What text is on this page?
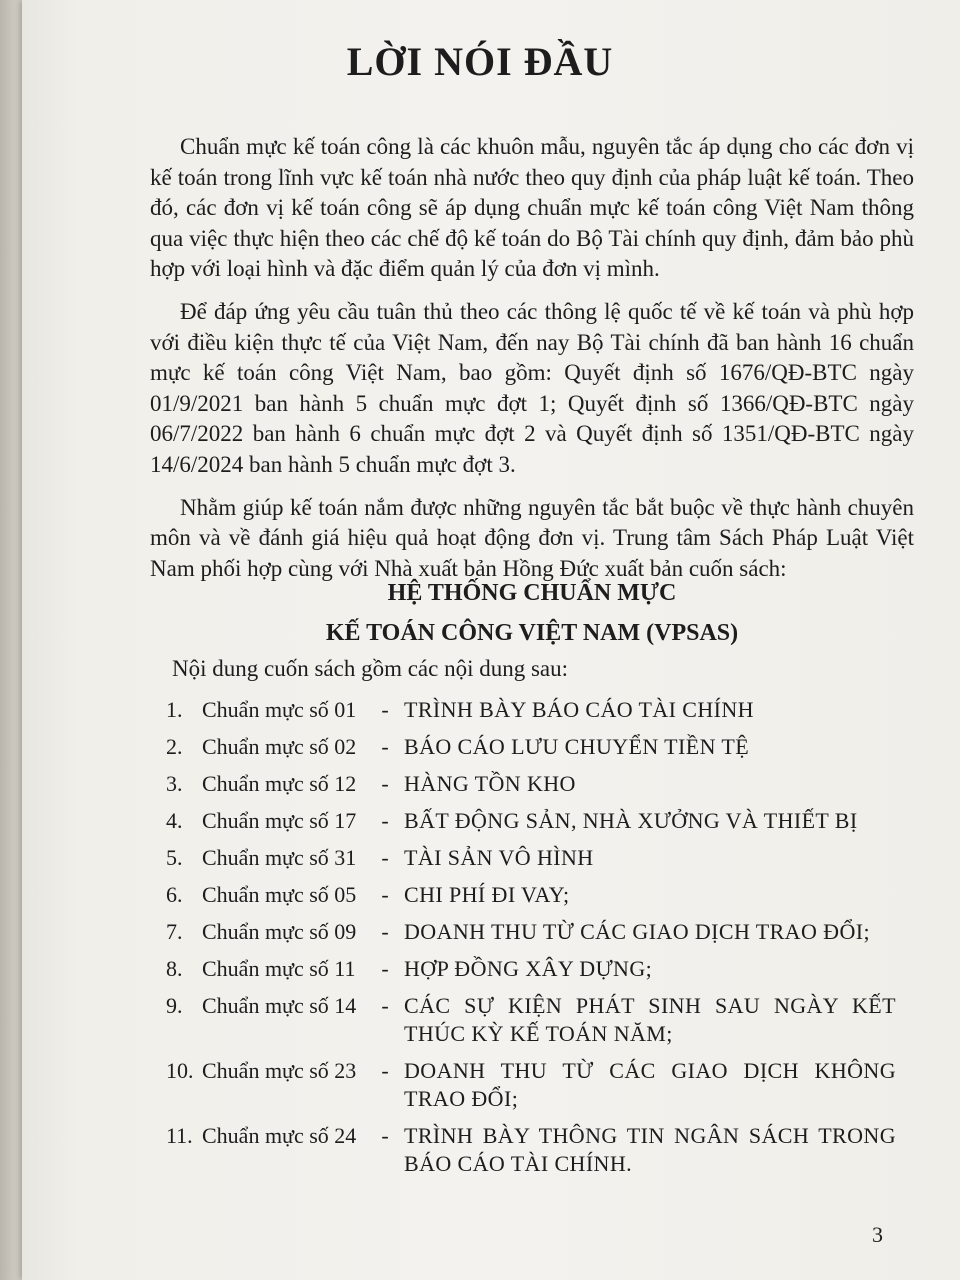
LỜI NÓI ĐẦU

Chuẩn mực kế toán công là các khuôn mẫu, nguyên tắc áp dụng cho các đơn vị kế toán trong lĩnh vực kế toán nhà nước theo quy định của pháp luật kế toán. Theo đó, các đơn vị kế toán công sẽ áp dụng chuẩn mực kế toán công Việt Nam thông qua việc thực hiện theo các chế độ kế toán do Bộ Tài chính quy định, đảm bảo phù hợp với loại hình và đặc điểm quản lý của đơn vị mình.

Để đáp ứng yêu cầu tuân thủ theo các thông lệ quốc tế về kế toán và phù hợp với điều kiện thực tế của Việt Nam, đến nay Bộ Tài chính đã ban hành 16 chuẩn mực kế toán công Việt Nam, bao gồm: Quyết định số 1676/QĐ-BTC ngày 01/9/2021 ban hành 5 chuẩn mực đợt 1; Quyết định số 1366/QĐ-BTC ngày 06/7/2022 ban hành 6 chuẩn mực đợt 2 và Quyết định số 1351/QĐ-BTC ngày 14/6/2024 ban hành 5 chuẩn mực đợt 3.

Nhằm giúp kế toán nắm được những nguyên tắc bắt buộc về thực hành chuyên môn và về đánh giá hiệu quả hoạt động đơn vị. Trung tâm Sách Pháp Luật Việt Nam phối hợp cùng với Nhà xuất bản Hồng Đức xuất bản cuốn sách:

HỆ THỐNG CHUẨN MỰC
KẾ TOÁN CÔNG VIỆT NAM (VPSAS)
Nội dung cuốn sách gồm các nội dung sau:
1. Chuẩn mực số 01	- TRÌNH BÀY BÁO CÁO TÀI CHÍNH
2. Chuẩn mực số 02	- BÁO CÁO LƯU CHUYỂN TIỀN TỆ
3. Chuẩn mực số 12	- HÀNG TỒN KHO
4. Chuẩn mực số 17	- BẤT ĐỘNG SẢN, NHÀ XƯỞNG VÀ THIẾT BỊ
5. Chuẩn mực số 31	- TÀI SẢN VÔ HÌNH
6. Chuẩn mực số 05	- CHI PHÍ ĐI VAY;
7. Chuẩn mực số 09	- DOANH THU TỪ CÁC GIAO DỊCH TRAO ĐỔI;
8. Chuẩn mực số 11	- HỢP ĐỒNG XÂY DỰNG;
9. Chuẩn mực số 14	- CÁC SỰ KIỆN PHÁT SINH SAU NGÀY KẾT THÚC KỲ KẾ TOÁN NĂM;
10. Chuẩn mực số 23	- DOANH THU TỪ CÁC GIAO DỊCH KHÔNG TRAO ĐỔI;
11. Chuẩn mực số 24	- TRÌNH BÀY THÔNG TIN NGÂN SÁCH TRONG BÁO CÁO TÀI CHÍNH.
3
